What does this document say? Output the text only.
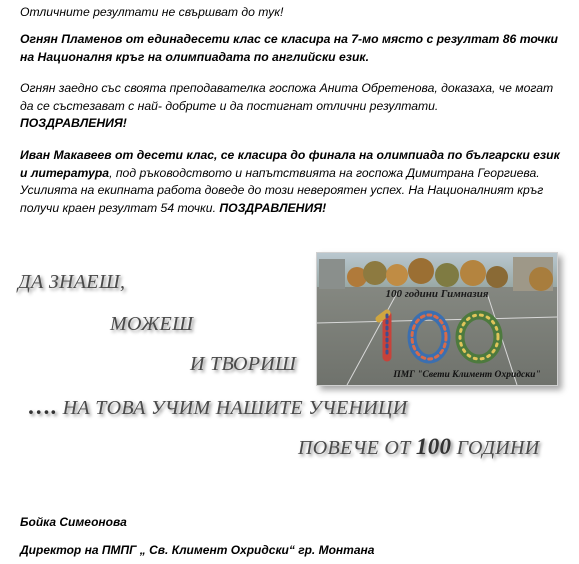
Отличните резултати не свършват до тук!
Огнян Пламенов от единадесети клас се класира на 7-мо място с резултат 86 точки на Националня кръг на олимпиадата по английски език.
Огнян заедно със своята преподавателка госпожа Анита Обретенова, доказаха, че могат да се състезават с най- добрите и да постигнат отлични резултати.
ПОЗДРАВЛЕНИЯ!
Иван Макавеев от десети клас, се класира до финала на олимпиада по български език и литература, под ръководството и напътствията на госпожа Димитрана Георгиева. Усилията на екипната работа доведе до този невероятен успех. На Националният кръг получи краен резултат 54 точки. ПОЗДРАВЛЕНИЯ!
ДА ЗНАЕШ,
МОЖЕШ
И ТВОРИШ
…. НА ТОВА УЧИМ НАШИТЕ УЧЕНИЦИ
ПОВЕЧЕ ОТ 100 ГОДИНИ
100 години Гимназия
ПМГ "Свети Климент Охридски"
Бойка Симеонова
Директор на ПМПГ „ Св. Климент Охридски“ гр. Монтана
